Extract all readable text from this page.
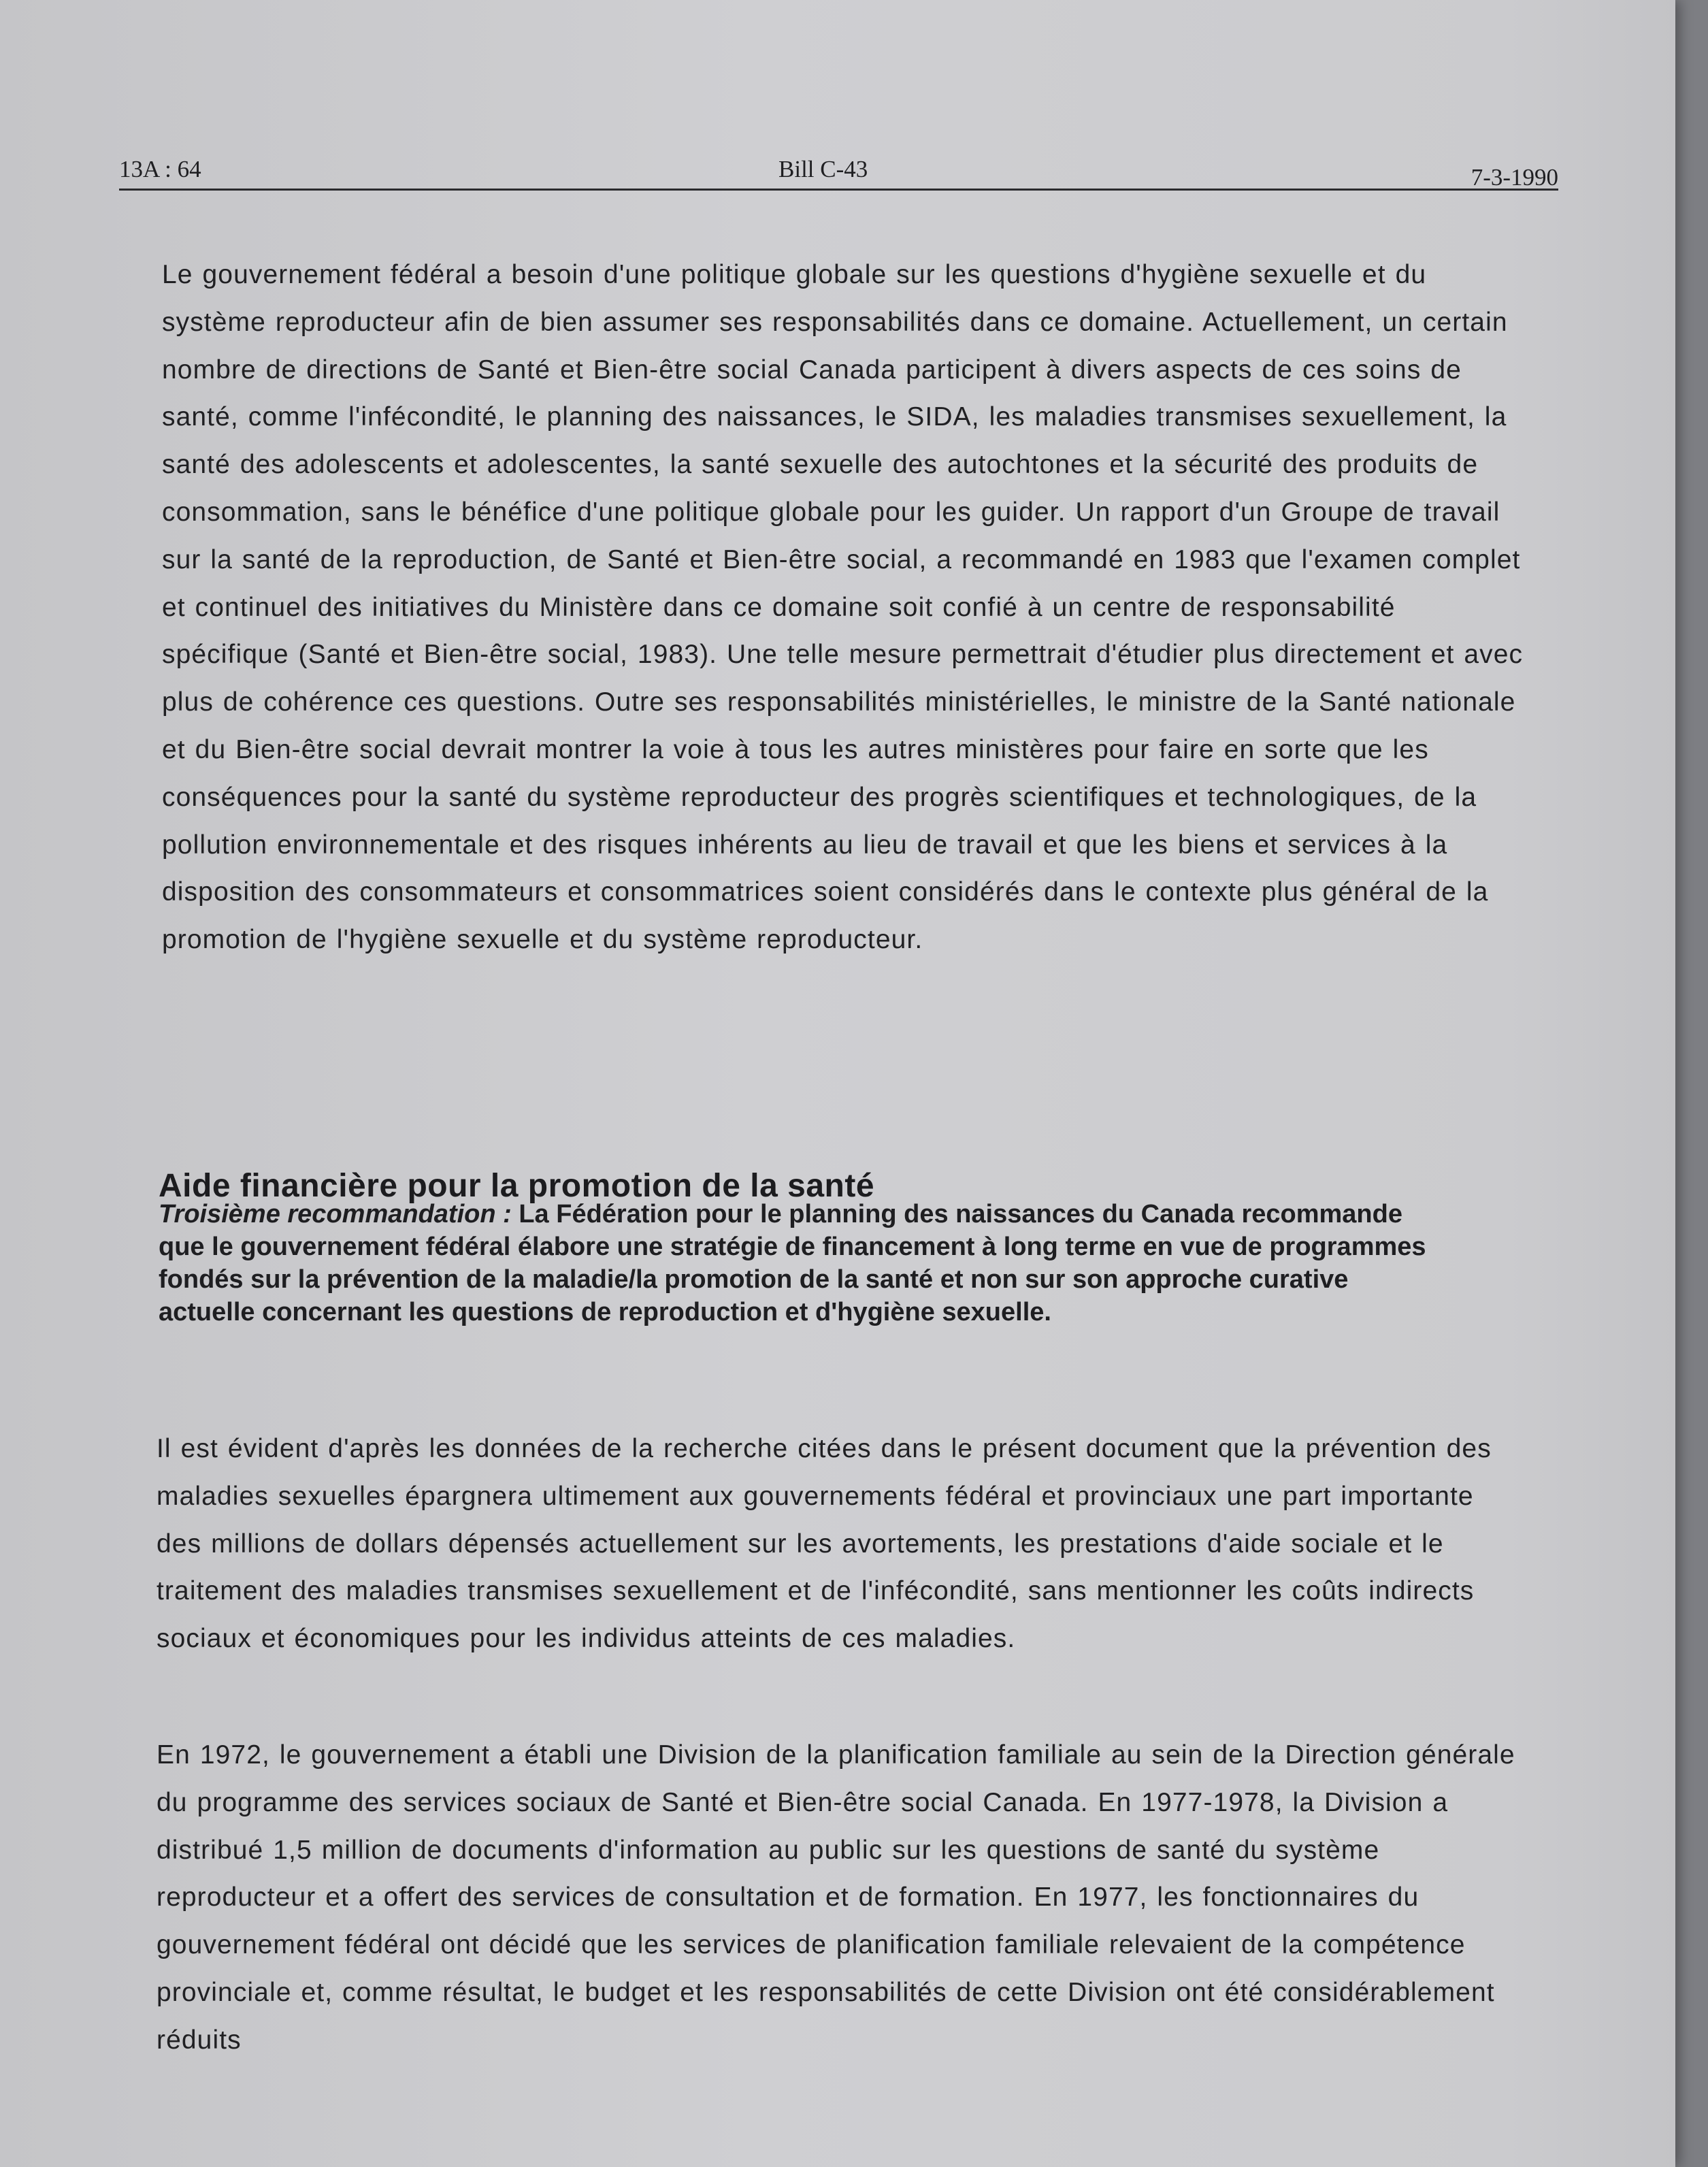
13A : 64	Bill C-43	7-3-1990

Le gouvernement fédéral a besoin d'une politique globale sur les questions d'hygiène sexuelle et du système reproducteur afin de bien assumer ses responsabilités dans ce domaine. Actuellement, un certain nombre de directions de Santé et Bien-être social Canada participent à divers aspects de ces soins de santé, comme l'infécondité, le planning des naissances, le SIDA, les maladies transmises sexuellement, la santé des adolescents et adolescentes, la santé sexuelle des autochtones et la sécurité des produits de consommation, sans le bénéfice d'une politique globale pour les guider. Un rapport d'un Groupe de travail sur la santé de la reproduction, de Santé et Bien-être social, a recommandé en 1983 que l'examen complet et continuel des initiatives du Ministère dans ce domaine soit confié à un centre de responsabilité spécifique (Santé et Bien-être social, 1983). Une telle mesure permettrait d'étudier plus directement et avec plus de cohérence ces questions. Outre ses responsabilités ministérielles, le ministre de la Santé nationale et du Bien-être social devrait montrer la voie à tous les autres ministères pour faire en sorte que les conséquences pour la santé du système reproducteur des progrès scientifiques et technologiques, de la pollution environnementale et des risques inhérents au lieu de travail et que les biens et services à la disposition des consommateurs et consommatrices soient considérés dans le contexte plus général de la promotion de l'hygiène sexuelle et du système reproducteur.

Aide financière pour la promotion de la santé
Troisième recommandation : La Fédération pour le planning des naissances du Canada recommande que le gouvernement fédéral élabore une stratégie de financement à long terme en vue de programmes fondés sur la prévention de la maladie/la promotion de la santé et non sur son approche curative actuelle concernant les questions de reproduction et d'hygiène sexuelle.

Il est évident d'après les données de la recherche citées dans le présent document que la prévention des maladies sexuelles épargnera ultimement aux gouvernements fédéral et provinciaux une part importante des millions de dollars dépensés actuellement sur les avortements, les prestations d'aide sociale et le traitement des maladies transmises sexuellement et de l'infécondité, sans mentionner les coûts indirects sociaux et économiques pour les individus atteints de ces maladies.

En 1972, le gouvernement a établi une Division de la planification familiale au sein de la Direction générale du programme des services sociaux de Santé et Bien-être social Canada. En 1977-1978, la Division a distribué 1,5 million de documents d'information au public sur les questions de santé du système reproducteur et a offert des services de consultation et de formation. En 1977, les fonctionnaires du gouvernement fédéral ont décidé que les services de planification familiale relevaient de la compétence provinciale et, comme résultat, le budget et les responsabilités de cette Division ont été considérablement réduits
